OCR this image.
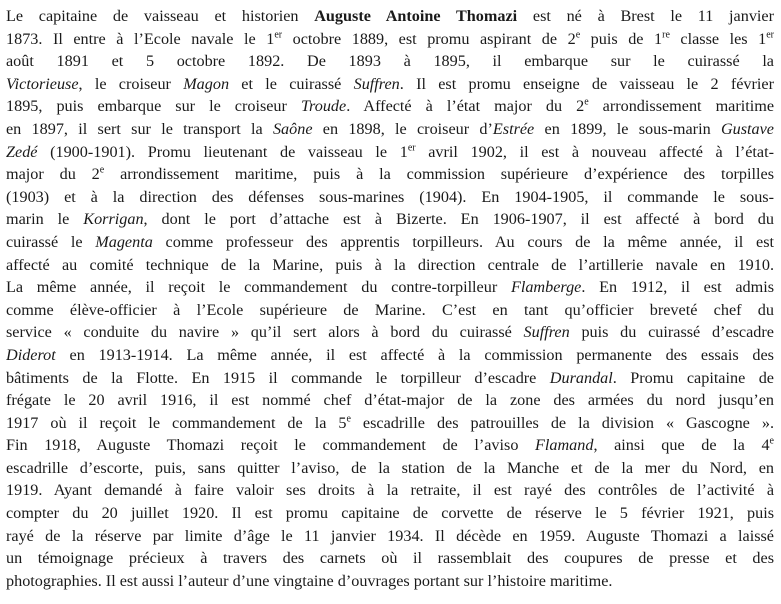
Le capitaine de vaisseau et historien Auguste Antoine Thomazi est né à Brest le 11 janvier
1873. Il entre à l’Ecole navale le 1er octobre 1889, est promu aspirant de 2e puis de 1re classe les 1er
août 1891 et 5 octobre 1892. De 1893 à 1895, il embarque sur le cuirassé la
Victorieuse, le croiseur Magon et le cuirassé Suffren. Il est promu enseigne de vaisseau le 2 février
1895, puis embarque sur le croiseur Troude. Affecté à l’état major du 2e arrondissement maritime
en 1897, il sert sur le transport la Saône en 1898, le croiseur d’Estrée en 1899, le sous-marin Gustave
Zedé (1900-1901). Promu lieutenant de vaisseau le 1er avril 1902, il est à nouveau affecté à l’état-
major du 2e arrondissement maritime, puis à la commission supérieure d’expérience des torpilles
(1903) et à la direction des défenses sous-marines (1904). En 1904-1905, il commande le sous-
marin le Korrigan, dont le port d’attache est à Bizerte. En 1906-1907, il est affecté à bord du
cuirassé le Magenta comme professeur des apprentis torpilleurs. Au cours de la même année, il est
affecté au comité technique de la Marine, puis à la direction centrale de l’artillerie navale en 1910.
La même année, il reçoit le commandement du contre-torpilleur Flamberge. En 1912, il est admis
comme élève-officier à l’Ecole supérieure de Marine. C’est en tant qu’officier breveté chef du
service « conduite du navire » qu’il sert alors à bord du cuirassé Suffren puis du cuirassé d’escadre
Diderot en 1913-1914. La même année, il est affecté à la commission permanente des essais des
bâtiments de la Flotte. En 1915 il commande le torpilleur d’escadre Durandal. Promu capitaine de
frégate le 20 avril 1916, il est nommé chef d’état-major de la zone des armées du nord jusqu’en
1917 où il reçoit le commandement de la 5e escadrille des patrouilles de la division « Gascogne ».
Fin 1918, Auguste Thomazi reçoit le commandement de l’aviso Flamand, ainsi que de la 4e
escadrille d’escorte, puis, sans quitter l’aviso, de la station de la Manche et de la mer du Nord, en
1919. Ayant demandé à faire valoir ses droits à la retraite, il est rayé des contrôles de l’activité à
compter du 20 juillet 1920. Il est promu capitaine de corvette de réserve le 5 février 1921, puis
rayé de la réserve par limite d’âge le 11 janvier 1934. Il décède en 1959. Auguste Thomazi a laissé
un témoignage précieux à travers des carnets où il rassemblait des coupures de presse et des
photographies. Il est aussi l’auteur d’une vingtaine d’ouvrages portant sur l’histoire maritime.
